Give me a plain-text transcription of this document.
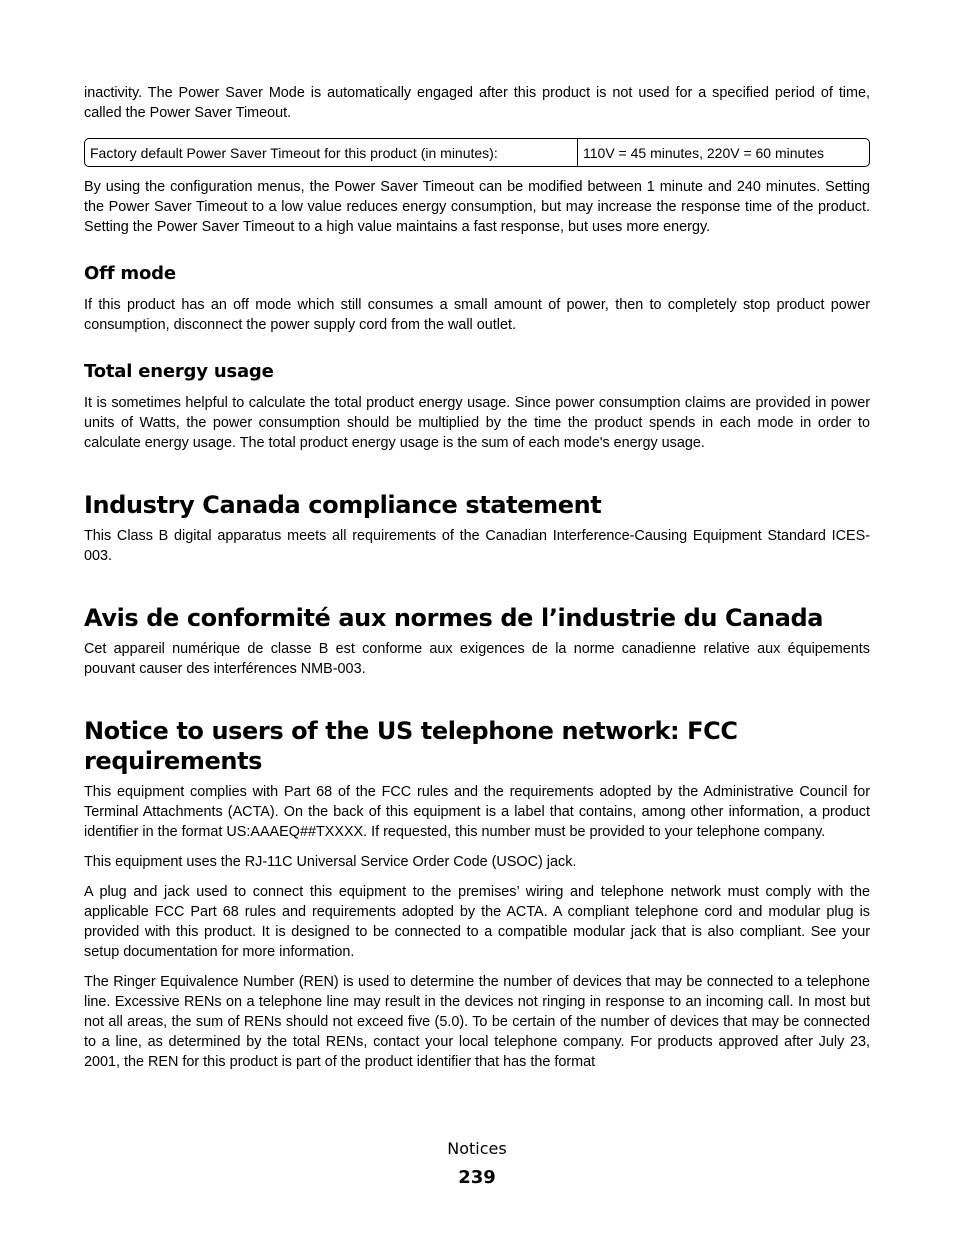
inactivity. The Power Saver Mode is automatically engaged after this product is not used for a specified period of time, called the Power Saver Timeout.

Factory default Power Saver Timeout for this product (in minutes):	110V = 45 minutes, 220V = 60 minutes

By using the configuration menus, the Power Saver Timeout can be modified between 1 minute and 240 minutes. Setting the Power Saver Timeout to a low value reduces energy consumption, but may increase the response time of the product. Setting the Power Saver Timeout to a high value maintains a fast response, but uses more energy.

Off mode

If this product has an off mode which still consumes a small amount of power, then to completely stop product power consumption, disconnect the power supply cord from the wall outlet.

Total energy usage

It is sometimes helpful to calculate the total product energy usage. Since power consumption claims are provided in power units of Watts, the power consumption should be multiplied by the time the product spends in each mode in order to calculate energy usage. The total product energy usage is the sum of each mode's energy usage.

Industry Canada compliance statement

This Class B digital apparatus meets all requirements of the Canadian Interference-Causing Equipment Standard ICES-003.

Avis de conformité aux normes de l’industrie du Canada

Cet appareil numérique de classe B est conforme aux exigences de la norme canadienne relative aux équipements pouvant causer des interférences NMB-003.

Notice to users of the US telephone network: FCC requirements

This equipment complies with Part 68 of the FCC rules and the requirements adopted by the Administrative Council for Terminal Attachments (ACTA). On the back of this equipment is a label that contains, among other information, a product identifier in the format US:AAAEQ##TXXXX. If requested, this number must be provided to your telephone company.

This equipment uses the RJ-11C Universal Service Order Code (USOC) jack.

A plug and jack used to connect this equipment to the premises’ wiring and telephone network must comply with the applicable FCC Part 68 rules and requirements adopted by the ACTA. A compliant telephone cord and modular plug is provided with this product. It is designed to be connected to a compatible modular jack that is also compliant. See your setup documentation for more information.

The Ringer Equivalence Number (REN) is used to determine the number of devices that may be connected to a telephone line. Excessive RENs on a telephone line may result in the devices not ringing in response to an incoming call. In most but not all areas, the sum of RENs should not exceed five (5.0). To be certain of the number of devices that may be connected to a line, as determined by the total RENs, contact your local telephone company. For products approved after July 23, 2001, the REN for this product is part of the product identifier that has the format

Notices
239
